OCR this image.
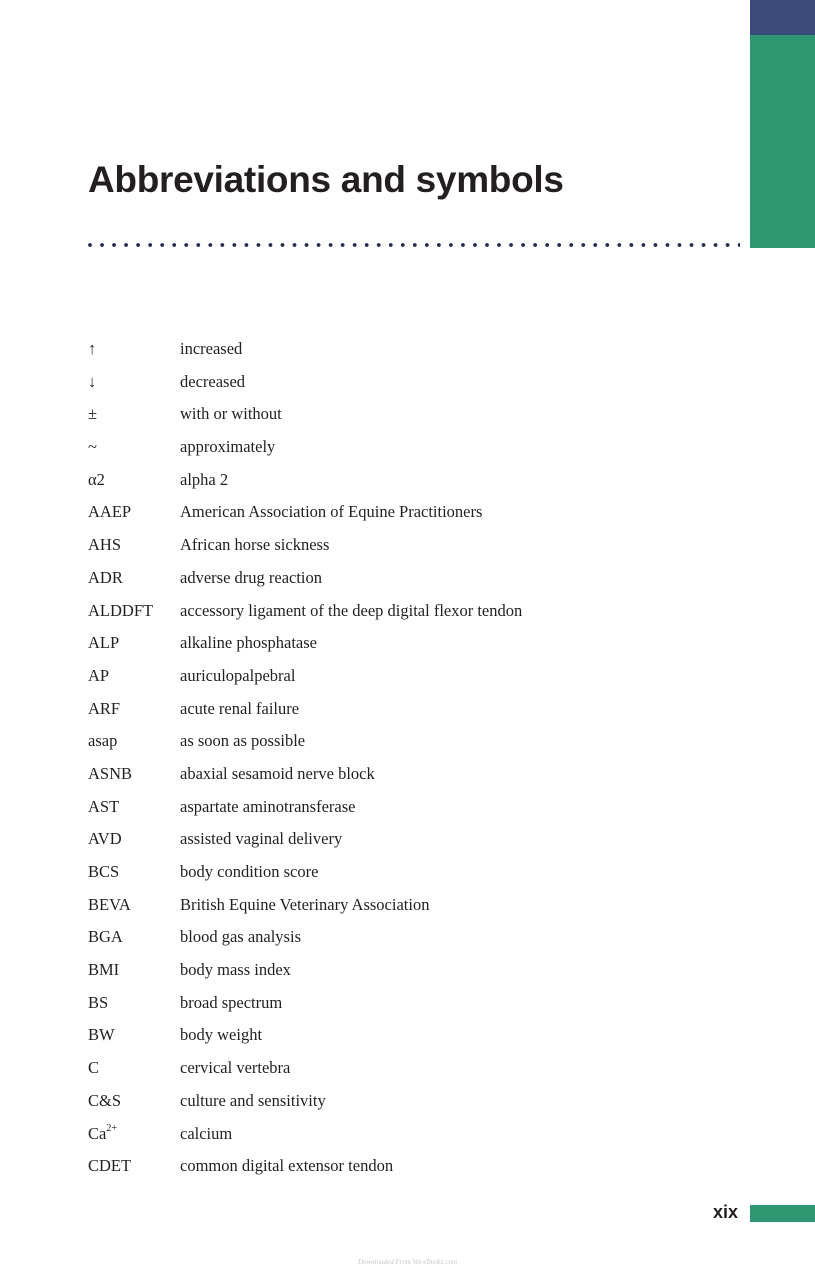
Abbreviations and symbols
↑	increased
↓	decreased
±	with or without
~	approximately
α2	alpha 2
AAEP	American Association of Equine Practitioners
AHS	African horse sickness
ADR	adverse drug reaction
ALDDFT	accessory ligament of the deep digital flexor tendon
ALP	alkaline phosphatase
AP	auriculopalpebral
ARF	acute renal failure
asap	as soon as possible
ASNB	abaxial sesamoid nerve block
AST	aspartate aminotransferase
AVD	assisted vaginal delivery
BCS	body condition score
BEVA	British Equine Veterinary Association
BGA	blood gas analysis
BMI	body mass index
BS	broad spectrum
BW	body weight
C	cervical vertebra
C&S	culture and sensitivity
$Ca^{2+}$	calcium
CDET	common digital extensor tendon
xix
Downloaded From Vet-eBooks.com
